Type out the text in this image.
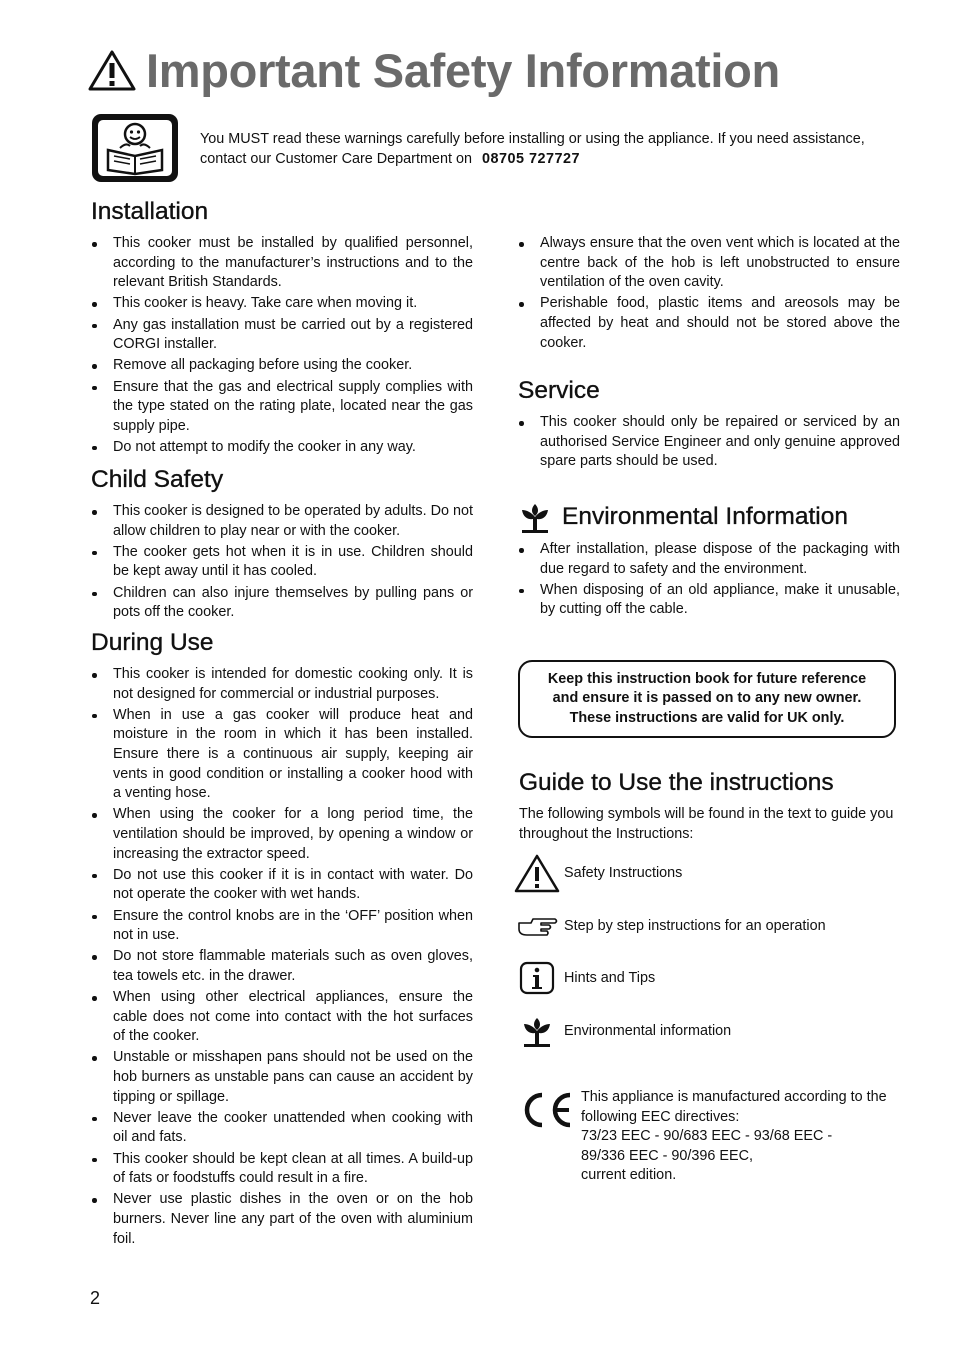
Important Safety Information
You MUST read these warnings carefully before installing or using the appliance. If you need assistance, contact our Customer Care Department on 08705 727727
Installation
This cooker must be installed by qualified personnel, according to the manufacturer’s instructions and to the relevant British Standards.
This cooker is heavy. Take care when moving it.
Any gas installation must be carried out by a registered CORGI installer.
Remove all packaging before using the cooker.
Ensure that the gas and electrical supply complies with the type stated on the rating plate, located near the gas supply pipe.
Do not attempt to modify the cooker in any way.
Child Safety
This cooker is designed to be operated by adults. Do not allow children to play near or with the cooker.
The cooker gets hot when it is in use. Children should be kept away until it has cooled.
Children can also injure themselves by pulling pans or pots off the cooker.
During Use
This cooker is intended for domestic cooking only. It is not designed for commercial or industrial purposes.
When in use a gas cooker will produce heat and moisture in the room in which it has been installed. Ensure there is a continuous air supply, keeping air vents in good condition or installing a cooker hood with a venting hose.
When using the cooker for a long period time, the ventilation should be improved, by opening a window or increasing the extractor speed.
Do not use this cooker if it is in contact with water. Do not operate the cooker with wet hands.
Ensure the control knobs are in the ‘OFF’ position when not in use.
Do not store flammable materials such as oven gloves, tea towels etc. in the drawer.
When using other electrical appliances, ensure the cable does not come into contact with the hot surfaces of the cooker.
Unstable or misshapen pans should not be used on the hob burners as unstable pans can cause an accident by tipping or spillage.
Never leave the cooker unattended when cooking with oil and fats.
This cooker should be kept clean at all times. A build-up of fats or foodstuffs could result in a fire.
Never use plastic dishes in the oven or on the hob burners. Never line any part of the oven with aluminium foil.
Always ensure that the oven vent which is located at the centre back of the hob is left unobstructed to ensure ventilation of the oven cavity.
Perishable food, plastic items and areosols may be affected by heat and should not be stored above the cooker.
Service
This cooker should only be repaired or serviced by an authorised Service Engineer and only genuine approved spare parts should be used.
Environmental Information
After installation, please dispose of the packaging with due regard to safety and the environment.
When disposing of an old appliance, make it unusable, by cutting off the cable.
Keep this instruction book for future reference
and ensure it is passed on to any new owner.
These instructions are valid for UK only.
Guide to Use the instructions
The following symbols will be found in the text to guide you throughout the Instructions:
Safety Instructions
Step by step instructions for an operation
Hints and Tips
Environmental information
This appliance is manufactured according to the
following EEC directives:
73/23 EEC - 90/683 EEC - 93/68 EEC -
89/336 EEC - 90/396 EEC,
current edition.
2
